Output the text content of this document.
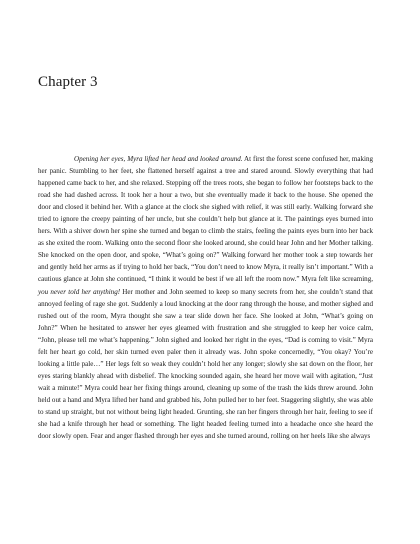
Chapter 3

Opening her eyes, Myra lifted her head and looked around. At first the forest scene confused her, making her panic. Stumbling to her feet, she flattened herself against a tree and stared around. Slowly everything that had happened came back to her, and she relaxed. Stepping off the trees roots, she began to follow her footsteps back to the road she had dashed across. It took her a hour a two, but she eventually made it back to the house. She opened the door and closed it behind her. With a glance at the clock she sighed with relief, it was still early. Walking forward she tried to ignore the creepy painting of her uncle, but she couldn’t help but glance at it. The paintings eyes burned into hers. With a shiver down her spine she turned and began to climb the stairs, feeling the paints eyes burn into her back as she exited the room. Walking onto the second floor she looked around, she could hear John and her Mother talking. She knocked on the open door, and spoke, “What’s going on?” Walking forward her mother took a step towards her and gently held her arms as if trying to hold her back, “You don’t need to know Myra, it really isn’t important.” With a cautious glance at John she continued, “I think it would be best if we all left the room now.” Myra felt like screaming, you never told her anything! Her mother and John seemed to keep so many secrets from her, she couldn’t stand that annoyed feeling of rage she got. Suddenly a loud knocking at the door rang through the house, and mother sighed and rushed out of the room, Myra thought she saw a tear slide down her face. She looked at John, “What’s going on John?” When he hesitated to answer her eyes gleamed with frustration and she struggled to keep her voice calm, “John, please tell me what’s happening.” John sighed and looked her right in the eyes, “Dad is coming to visit.” Myra felt her heart go cold, her skin turned even paler then it already was. John spoke concernedly, “You okay? You’re looking a little pale…” Her legs felt so weak they couldn’t hold her any longer; slowly she sat down on the floor, her eyes staring blankly ahead with disbelief. The knocking sounded again, she heard her move wail with agitation, “Just wait a minute!” Myra could hear her fixing things around, cleaning up some of the trash the kids threw around. John held out a hand and Myra lifted her hand and grabbed his, John pulled her to her feet. Staggering slightly, she was able to stand up straight, but not without being light headed. Grunting, she ran her fingers through her hair, feeling to see if she had a knife through her head or something. The light headed feeling turned into a headache once she heard the door slowly open. Fear and anger flashed through her eyes and she turned around, rolling on her heels like she always
